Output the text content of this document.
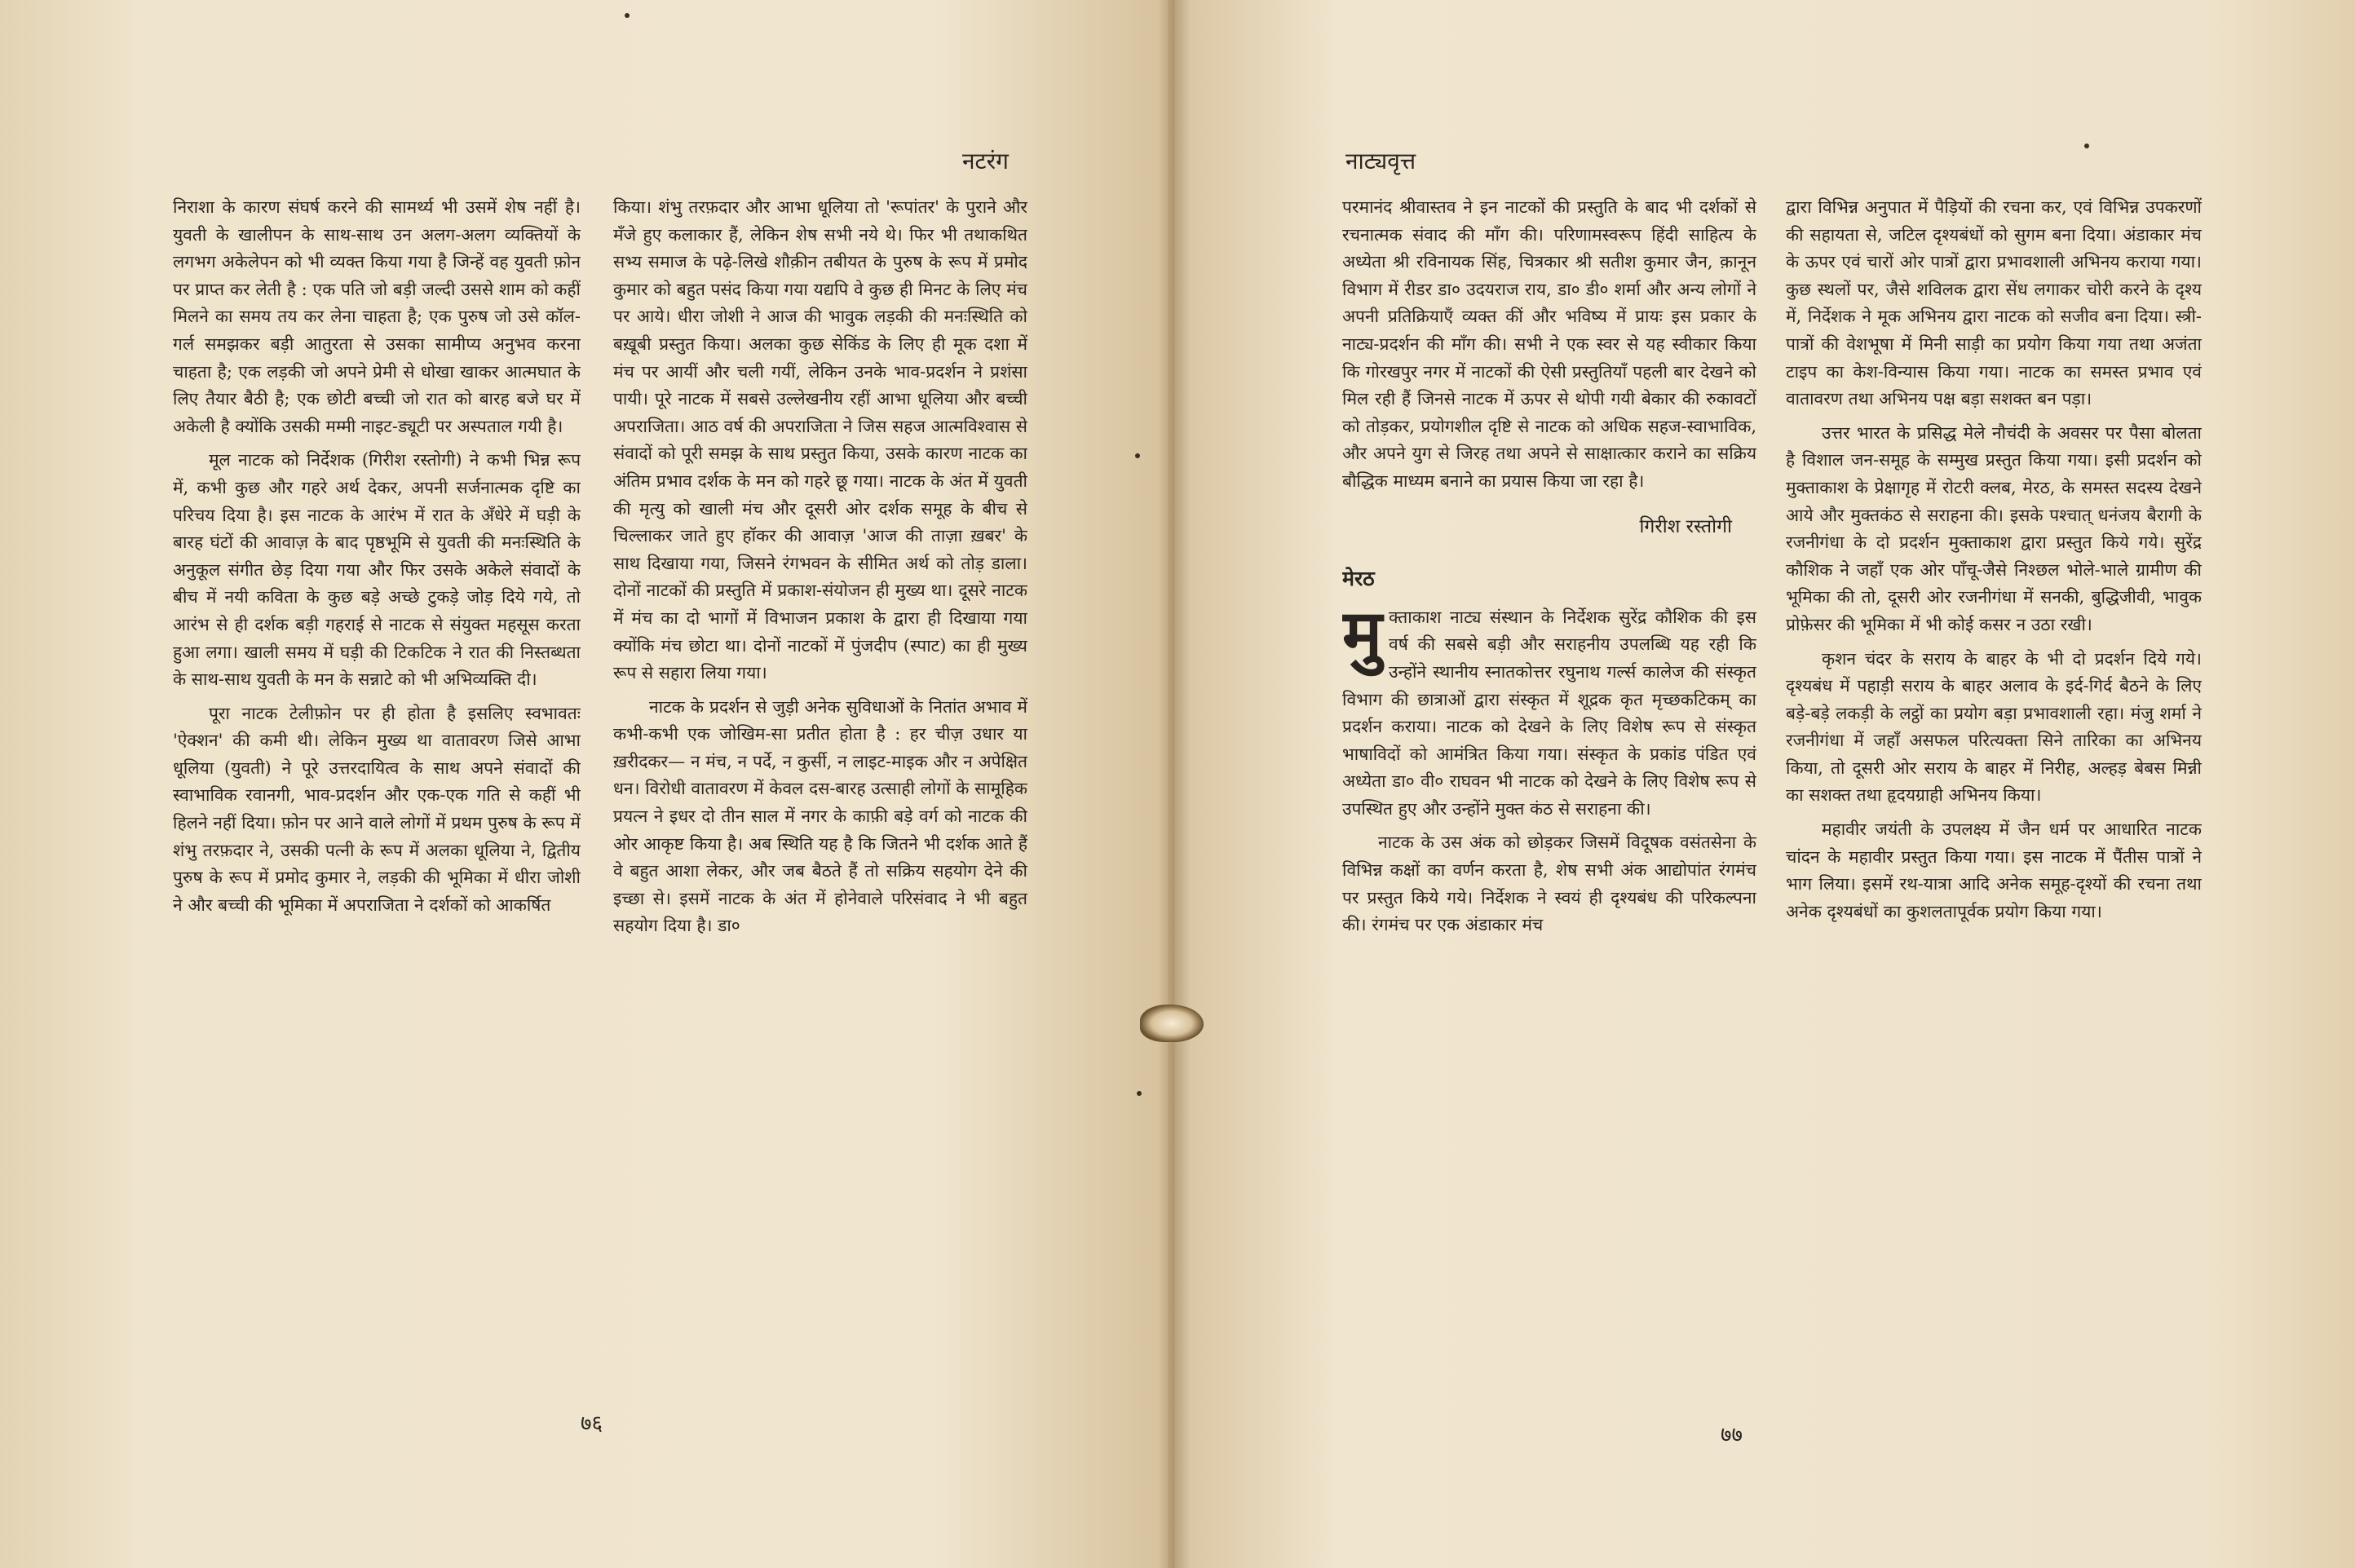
नटरंग

निराशा के कारण संघर्ष करने की सामर्थ्य भी उसमें शेष नहीं है। युवती के खालीपन के साथ-साथ उन अलग-अलग व्यक्तियों के लगभग अकेलेपन को भी व्यक्त किया गया है जिन्हें वह युवती फ़ोन पर प्राप्त कर लेती है : एक पति जो बड़ी जल्दी उससे शाम को कहीं मिलने का समय तय कर लेना चाहता है; एक पुरुष जो उसे कॉल-गर्ल समझकर बड़ी आतुरता से उसका सामीप्य अनुभव करना चाहता है; एक लड़की जो अपने प्रेमी से धोखा खाकर आत्मघात के लिए तैयार बैठी है; एक छोटी बच्ची जो रात को बारह बजे घर में अकेली है क्योंकि उसकी मम्मी नाइट-ड्यूटी पर अस्पताल गयी है।

मूल नाटक को निर्देशक (गिरीश रस्तोगी) ने कभी भिन्न रूप में, कभी कुछ और गहरे अर्थ देकर, अपनी सर्जनात्मक दृष्टि का परिचय दिया है। इस नाटक के आरंभ में रात के अँधेरे में घड़ी के बारह घंटों की आवाज़ के बाद पृष्ठभूमि से युवती की मनःस्थिति के अनुकूल संगीत छेड़ दिया गया और फिर उसके अकेले संवादों के बीच में नयी कविता के कुछ बड़े अच्छे टुकड़े जोड़ दिये गये, तो आरंभ से ही दर्शक बड़ी गहराई से नाटक से संयुक्त महसूस करता हुआ लगा। खाली समय में घड़ी की टिकटिक ने रात की निस्तब्धता के साथ-साथ युवती के मन के सन्नाटे को भी अभिव्यक्ति दी।

पूरा नाटक टेलीफ़ोन पर ही होता है इसलिए स्वभावतः 'ऐक्शन' की कमी थी। लेकिन मुख्य था वातावरण जिसे आभा धूलिया (युवती) ने पूरे उत्तरदायित्व के साथ अपने संवादों की स्वाभाविक रवानगी, भाव-प्रदर्शन और एक-एक गति से कहीं भी हिलने नहीं दिया। फ़ोन पर आने वाले लोगों में प्रथम पुरुष के रूप में शंभु तरफ़दार ने, उसकी पत्नी के रूप में अलका धूलिया ने, द्वितीय पुरुष के रूप में प्रमोद कुमार ने, लड़की की भूमिका में धीरा जोशी ने और बच्ची की भूमिका में अपराजिता ने दर्शकों को आकर्षित

किया। शंभु तरफ़दार और आभा धूलिया तो 'रूपांतर' के पुराने और मँजे हुए कलाकार हैं, लेकिन शेष सभी नये थे। फिर भी तथाकथित सभ्य समाज के पढ़े-लिखे शौक़ीन तबीयत के पुरुष के रूप में प्रमोद कुमार को बहुत पसंद किया गया यद्यपि वे कुछ ही मिनट के लिए मंच पर आये। धीरा जोशी ने आज की भावुक लड़की की मनःस्थिति को बख़ूबी प्रस्तुत किया। अलका कुछ सेकिंड के लिए ही मूक दशा में मंच पर आयीं और चली गयीं, लेकिन उनके भाव-प्रदर्शन ने प्रशंसा पायी। पूरे नाटक में सबसे उल्लेखनीय रहीं आभा धूलिया और बच्ची अपराजिता। आठ वर्ष की अपराजिता ने जिस सहज आत्मविश्वास से संवादों को पूरी समझ के साथ प्रस्तुत किया, उसके कारण नाटक का अंतिम प्रभाव दर्शक के मन को गहरे छू गया। नाटक के अंत में युवती की मृत्यु को खाली मंच और दूसरी ओर दर्शक समूह के बीच से चिल्लाकर जाते हुए हॉकर की आवाज़ 'आज की ताज़ा ख़बर' के साथ दिखाया गया, जिसने रंगभवन के सीमित अर्थ को तोड़ डाला। दोनों नाटकों की प्रस्तुति में प्रकाश-संयोजन ही मुख्य था। दूसरे नाटक में मंच का दो भागों में विभाजन प्रकाश के द्वारा ही दिखाया गया क्योंकि मंच छोटा था। दोनों नाटकों में पुंजदीप (स्पाट) का ही मुख्य रूप से सहारा लिया गया।

नाटक के प्रदर्शन से जुड़ी अनेक सुविधाओं के नितांत अभाव में कभी-कभी एक जोखिम-सा प्रतीत होता है : हर चीज़ उधार या ख़रीदकर— न मंच, न पर्दे, न कुर्सी, न लाइट-माइक और न अपेक्षित धन। विरोधी वातावरण में केवल दस-बारह उत्साही लोगों के सामूहिक प्रयत्न ने इधर दो तीन साल में नगर के काफ़ी बड़े वर्ग को नाटक की ओर आकृष्ट किया है। अब स्थिति यह है कि जितने भी दर्शक आते हैं वे बहुत आशा लेकर, और जब बैठते हैं तो सक्रिय सहयोग देने की इच्छा से। इसमें नाटक के अंत में होनेवाले परिसंवाद ने भी बहुत सहयोग दिया है। डा०

७६
नाट्यवृत्त

परमानंद श्रीवास्तव ने इन नाटकों की प्रस्तुति के बाद भी दर्शकों से रचनात्मक संवाद की माँग की। परिणामस्वरूप हिंदी साहित्य के अध्येता श्री रविनायक सिंह, चित्रकार श्री सतीश कुमार जैन, क़ानून विभाग में रीडर डा० उदयराज राय, डा० डी० शर्मा और अन्य लोगों ने अपनी प्रतिक्रियाएँ व्यक्त कीं और भविष्य में प्रायः इस प्रकार के नाट्य-प्रदर्शन की माँग की। सभी ने एक स्वर से यह स्वीकार किया कि गोरखपुर नगर में नाटकों की ऐसी प्रस्तुतियाँ पहली बार देखने को मिल रही हैं जिनसे नाटक में ऊपर से थोपी गयी बेकार की रुकावटों को तोड़कर, प्रयोगशील दृष्टि से नाटक को अधिक सहज-स्वाभाविक, और अपने युग से जिरह तथा अपने से साक्षात्कार कराने का सक्रिय बौद्धिक माध्यम बनाने का प्रयास किया जा रहा है।

गिरीश रस्तोगी
मेरठ

मुक्ताकाश नाट्य संस्थान के निर्देशक सुरेंद्र कौशिक की इस वर्ष की सबसे बड़ी और सराहनीय उपलब्धि यह रही कि उन्होंने स्थानीय स्नातकोत्तर रघुनाथ गर्ल्स कालेज की संस्कृत विभाग की छात्राओं द्वारा संस्कृत में शूद्रक कृत मृच्छकटिकम् का प्रदर्शन कराया। नाटक को देखने के लिए विशेष रूप से संस्कृत भाषाविदों को आमंत्रित किया गया। संस्कृत के प्रकांड पंडित एवं अध्येता डा० वी० राघवन भी नाटक को देखने के लिए विशेष रूप से उपस्थित हुए और उन्होंने मुक्त कंठ से सराहना की।

नाटक के उस अंक को छोड़कर जिसमें विदूषक वसंतसेना के विभिन्न कक्षों का वर्णन करता है, शेष सभी अंक आद्योपांत रंगमंच पर प्रस्तुत किये गये। निर्देशक ने स्वयं ही दृश्यबंध की परिकल्पना की। रंगमंच पर एक अंडाकार मंच

द्वारा विभिन्न अनुपात में पैड़ियों की रचना कर, एवं विभिन्न उपकरणों की सहायता से, जटिल दृश्यबंधों को सुगम बना दिया। अंडाकार मंच के ऊपर एवं चारों ओर पात्रों द्वारा प्रभावशाली अभिनय कराया गया। कुछ स्थलों पर, जैसे शविलक द्वारा सेंध लगाकर चोरी करने के दृश्य में, निर्देशक ने मूक अभिनय द्वारा नाटक को सजीव बना दिया। स्त्री-पात्रों की वेशभूषा में मिनी साड़ी का प्रयोग किया गया तथा अजंता टाइप का केश-विन्यास किया गया। नाटक का समस्त प्रभाव एवं वातावरण तथा अभिनय पक्ष बड़ा सशक्त बन पड़ा।

उत्तर भारत के प्रसिद्ध मेले नौचंदी के अवसर पर पैसा बोलता है विशाल जन-समूह के सम्मुख प्रस्तुत किया गया। इसी प्रदर्शन को मुक्ताकाश के प्रेक्षागृह में रोटरी क्लब, मेरठ, के समस्त सदस्य देखने आये और मुक्तकंठ से सराहना की। इसके पश्चात् धनंजय बैरागी के रजनीगंधा के दो प्रदर्शन मुक्ताकाश द्वारा प्रस्तुत किये गये। सुरेंद्र कौशिक ने जहाँ एक ओर पाँचू-जैसे निश्छल भोले-भाले ग्रामीण की भूमिका की तो, दूसरी ओर रजनीगंधा में सनकी, बुद्धिजीवी, भावुक प्रोफ़ेसर की भूमिका में भी कोई कसर न उठा रखी।

कृशन चंदर के सराय के बाहर के भी दो प्रदर्शन दिये गये। दृश्यबंध में पहाड़ी सराय के बाहर अलाव के इर्द-गिर्द बैठने के लिए बड़े-बड़े लकड़ी के लट्ठों का प्रयोग बड़ा प्रभावशाली रहा। मंजु शर्मा ने रजनीगंधा में जहाँ असफल परित्यक्ता सिने तारिका का अभिनय किया, तो दूसरी ओर सराय के बाहर में निरीह, अल्हड़ बेबस मिन्नी का सशक्त तथा हृदयग्राही अभिनय किया।

महावीर जयंती के उपलक्ष्य में जैन धर्म पर आधारित नाटक चांदन के महावीर प्रस्तुत किया गया। इस नाटक में पैंतीस पात्रों ने भाग लिया। इसमें रथ-यात्रा आदि अनेक समूह-दृश्यों की रचना तथा अनेक दृश्यबंधों का कुशलतापूर्वक प्रयोग किया गया।

७७
